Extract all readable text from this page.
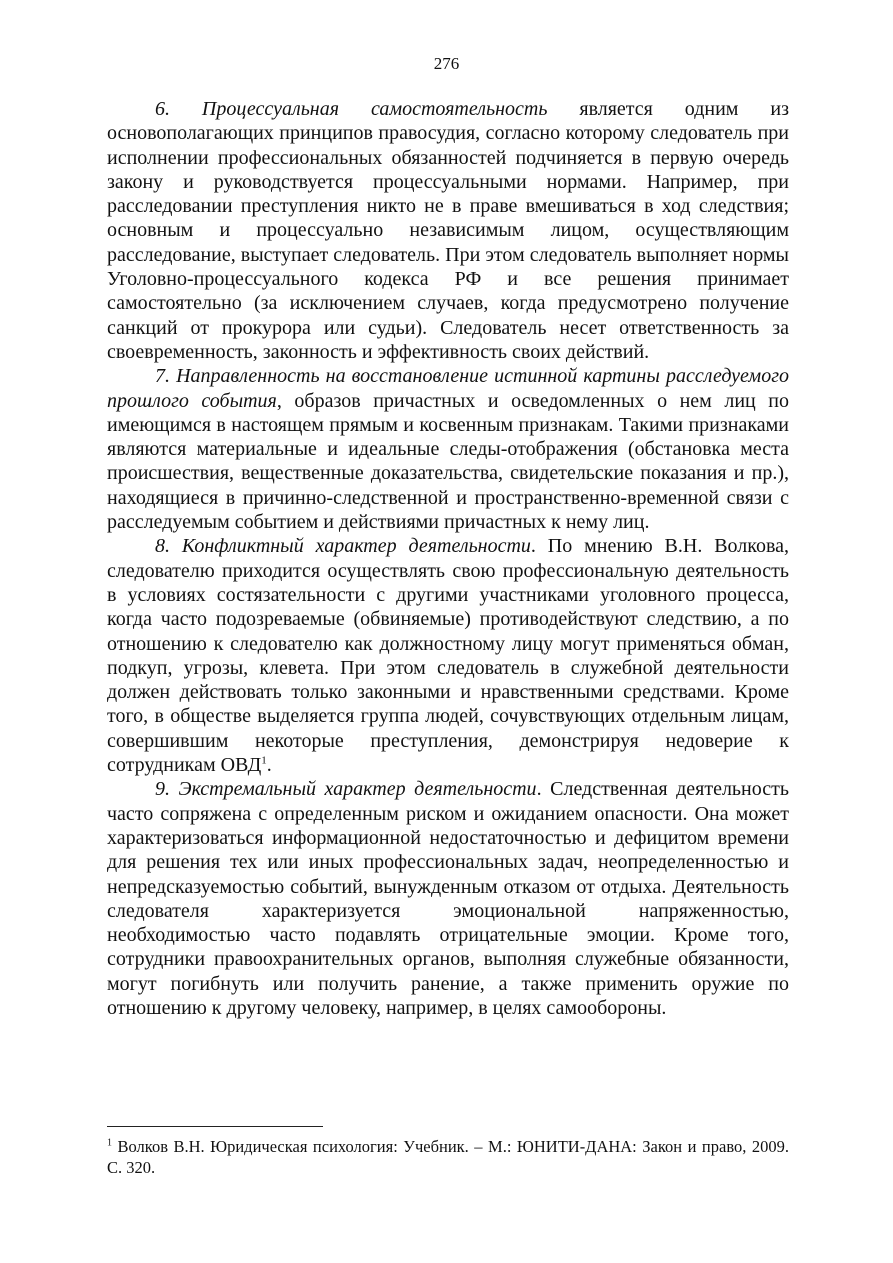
276

6. Процессуальная самостоятельность является одним из основополагающих принципов правосудия, согласно которому следователь при исполнении профессиональных обязанностей подчиняется в первую очередь закону и руководствуется процессуальными нормами. Например, при расследовании преступления никто не в праве вмешиваться в ход следствия; основным и процессуально независимым лицом, осуществляющим расследование, выступает следователь. При этом следователь выполняет нормы Уголовно-процессуального кодекса РФ и все решения принимает самостоятельно (за исключением случаев, когда предусмотрено получение санкций от прокурора или судьи). Следователь несет ответственность за своевременность, законность и эффективность своих действий.

7. Направленность на восстановление истинной картины расследуемого прошлого события, образов причастных и осведомленных о нем лиц по имеющимся в настоящем прямым и косвенным признакам. Такими признаками являются материальные и идеальные следы-отображения (обстановка места происшествия, вещественные доказательства, свидетельские показания и пр.), находящиеся в причинно-следственной и пространственно-временной связи с расследуемым событием и действиями причастных к нему лиц.

8. Конфликтный характер деятельности. По мнению В.Н. Волкова, следователю приходится осуществлять свою профессиональную деятельность в условиях состязательности с другими участниками уголовного процесса, когда часто подозреваемые (обвиняемые) противодействуют следствию, а по отношению к следователю как должностному лицу могут применяться обман, подкуп, угрозы, клевета. При этом следователь в служебной деятельности должен действовать только законными и нравственными средствами. Кроме того, в обществе выделяется группа людей, сочувствующих отдельным лицам, совершившим некоторые преступления, демонстрируя недоверие к сотрудникам ОВД$^1$.

9. Экстремальный характер деятельности. Следственная деятельность часто сопряжена с определенным риском и ожиданием опасности. Она может характеризоваться информационной недостаточностью и дефицитом времени для решения тех или иных профессиональных задач, неопределенностью и непредсказуемостью событий, вынужденным отказом от отдыха. Деятельность следователя характеризуется эмоциональной напряженностью, необходимостью часто подавлять отрицательные эмоции. Кроме того, сотрудники правоохранительных органов, выполняя служебные обязанности, могут погибнуть или получить ранение, а также применить оружие по отношению к другому человеку, например, в целях самообороны.

$^1$ Волков В.Н. Юридическая психология: Учебник. – М.: ЮНИТИ-ДАНА: Закон и право, 2009. С. 320.
